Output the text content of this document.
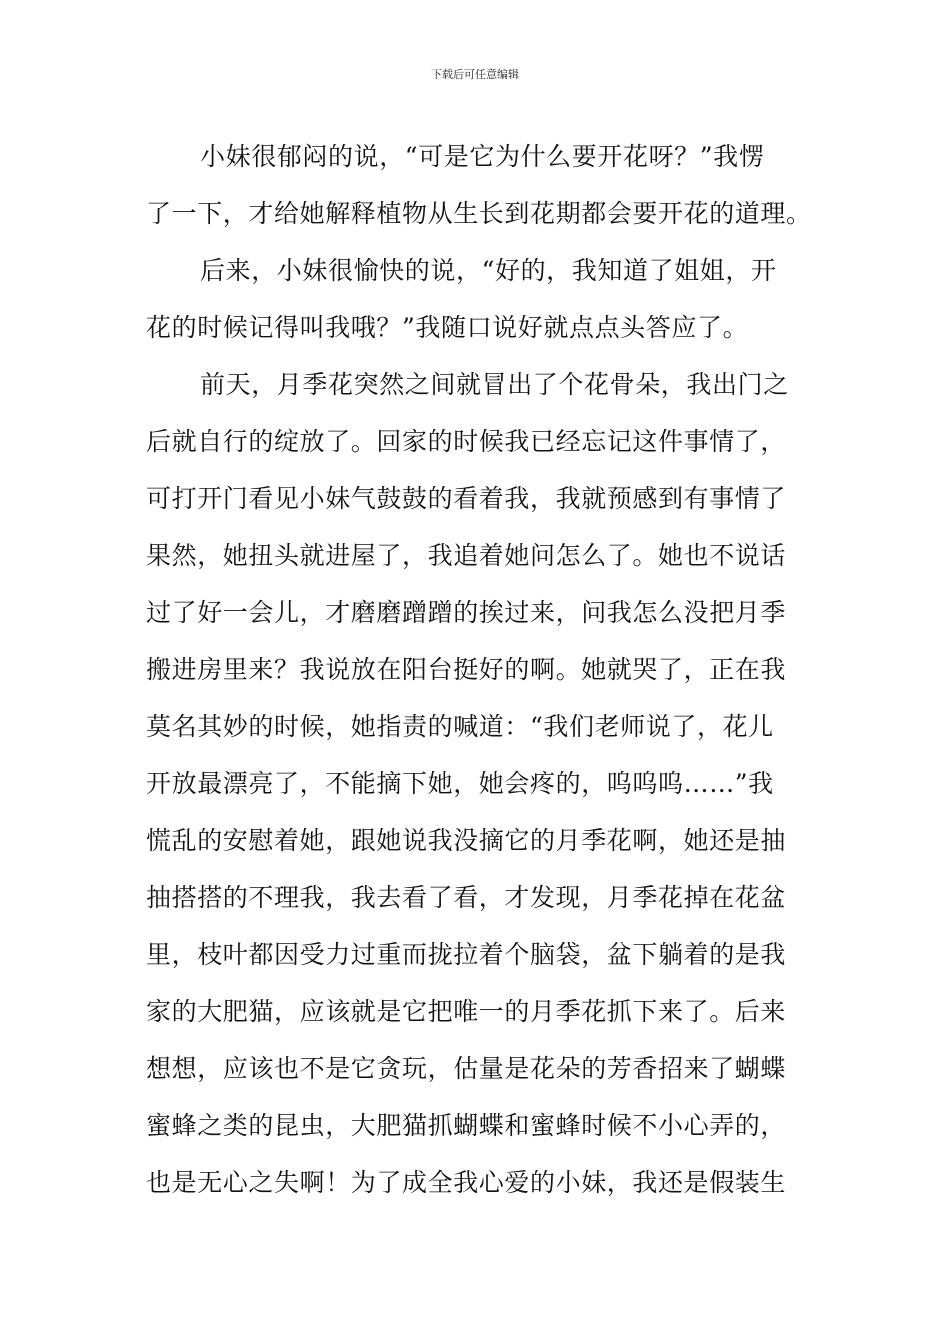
下载后可任意编辑
小妹很郁闷的说，“可是它为什么要开花呀？”我愣
了一下，才给她解释植物从生长到花期都会要开花的道理。
后来，小妹很愉快的说，“好的，我知道了姐姐，开
花的时候记得叫我哦？”我随口说好就点点头答应了。
前天，月季花突然之间就冒出了个花骨朵，我出门之
后就自行的绽放了。回家的时候我已经忘记这件事情了，
可打开门看见小妹气鼓鼓的看着我，我就预感到有事情了
果然，她扭头就进屋了，我追着她问怎么了。她也不说话
过了好一会儿，才磨磨蹭蹭的挨过来，问我怎么没把月季
搬进房里来？我说放在阳台挺好的啊。她就哭了，正在我
莫名其妙的时候，她指责的喊道：“我们老师说了，花儿
开放最漂亮了，不能摘下她，她会疼的，呜呜呜……”我
慌乱的安慰着她，跟她说我没摘它的月季花啊，她还是抽
抽搭搭的不理我，我去看了看，才发现，月季花掉在花盆
里，枝叶都因受力过重而拢拉着个脑袋，盆下躺着的是我
家的大肥猫，应该就是它把唯一的月季花抓下来了。后来
想想，应该也不是它贪玩，估量是花朵的芳香招来了蝴蝶
蜜蜂之类的昆虫，大肥猫抓蝴蝶和蜜蜂时候不小心弄的，
也是无心之失啊！为了成全我心爱的小妹，我还是假装生
